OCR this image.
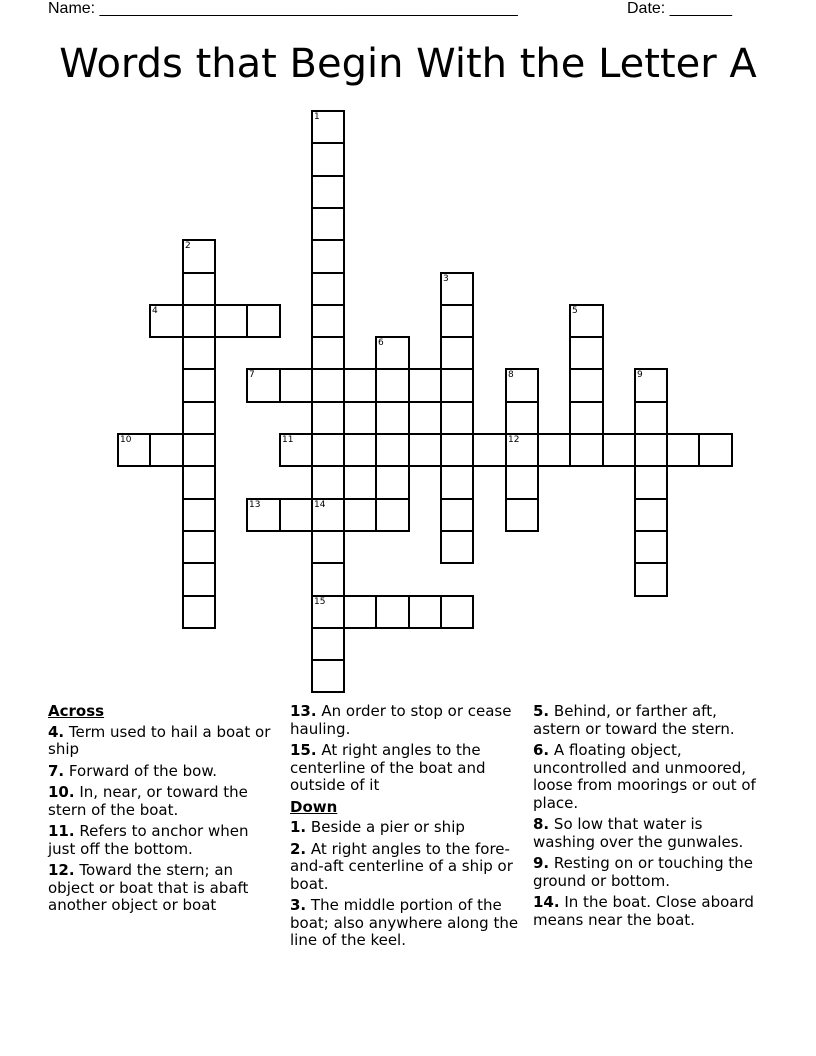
Name: _______________________________________________	Date: _______
Words that Begin With the Letter A
1
14
15
2
3
4	5
6
7	8
12
9
10	11
13
Across
4. Term used to hail a boat or ship
7. Forward of the bow.
10. In, near, or toward the stern of the boat.
11. Refers to anchor when just off the bottom.
12. Toward the stern; an object or boat that is abaft another object or boat
13. An order to stop or cease hauling.
15. At right angles to the centerline of the boat and outside of it
Down
1. Beside a pier or ship
2. At right angles to the fore-and-aft centerline of a ship or boat.
3. The middle portion of the boat; also anywhere along the line of the keel.
5. Behind, or farther aft, astern or toward the stern.
6. A floating object, uncontrolled and unmoored, loose from moorings or out of place.
8. So low that water is washing over the gunwales.
9. Resting on or touching the ground or bottom.
14. In the boat. Close aboard means near the boat.
